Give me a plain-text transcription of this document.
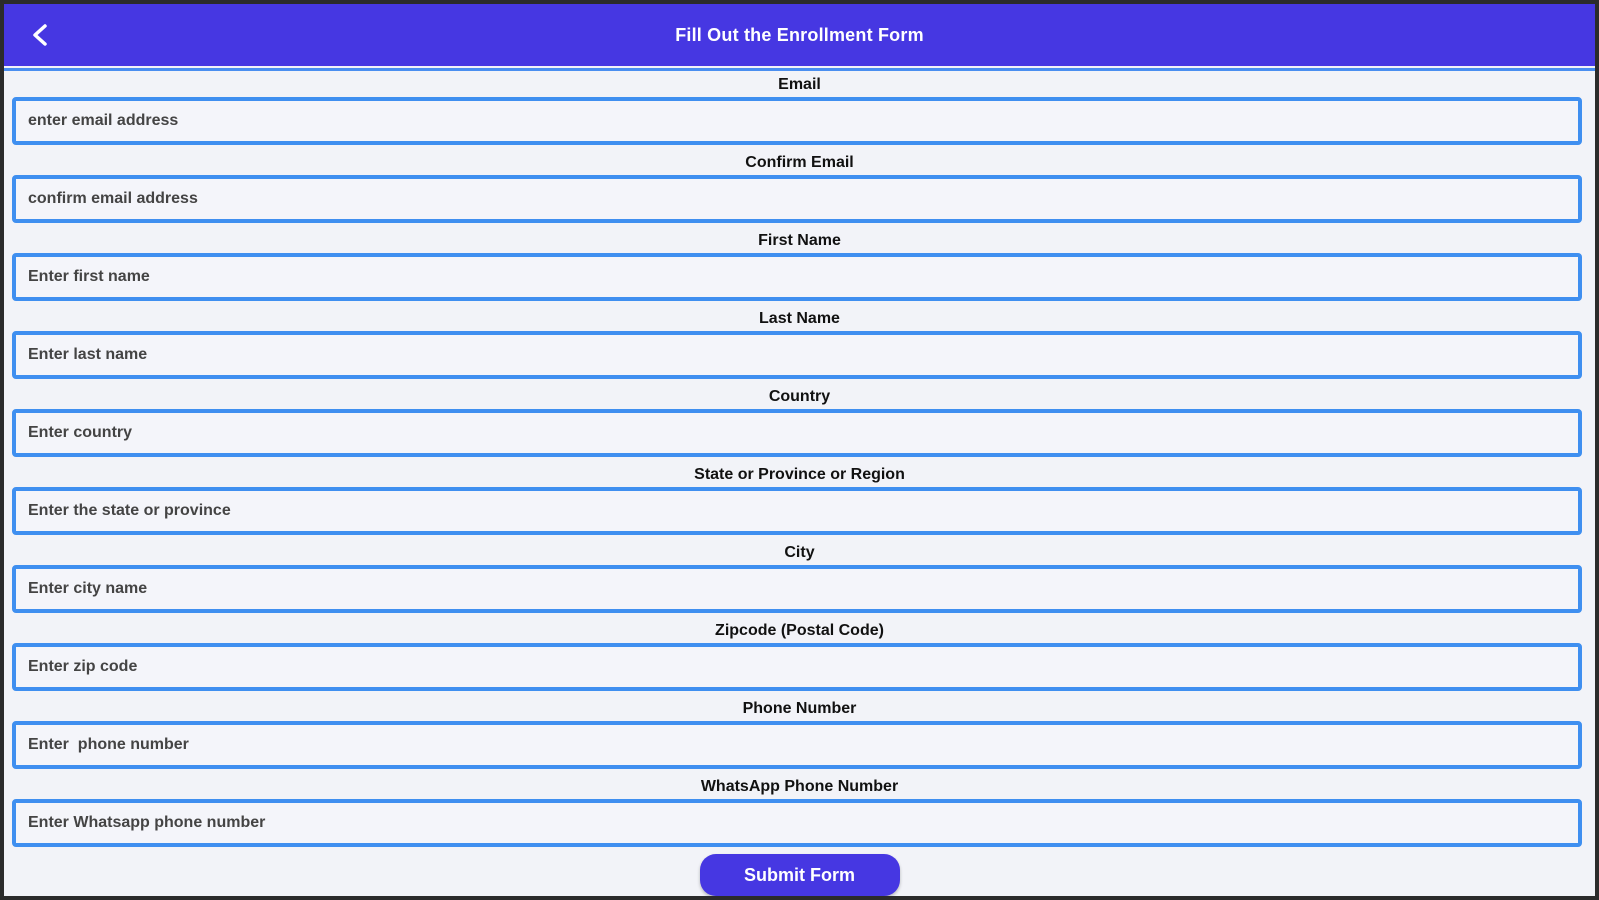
Fill Out the Enrollment Form
Email
enter email address
Confirm Email
confirm email address
First Name
Enter first name
Last Name
Enter last name
Country
Enter country
State or Province or Region
Enter the state or province
City
Enter city name
Zipcode (Postal Code)
Enter zip code
Phone Number
Enter phone number
WhatsApp Phone Number
Enter Whatsapp phone number
Submit Form
